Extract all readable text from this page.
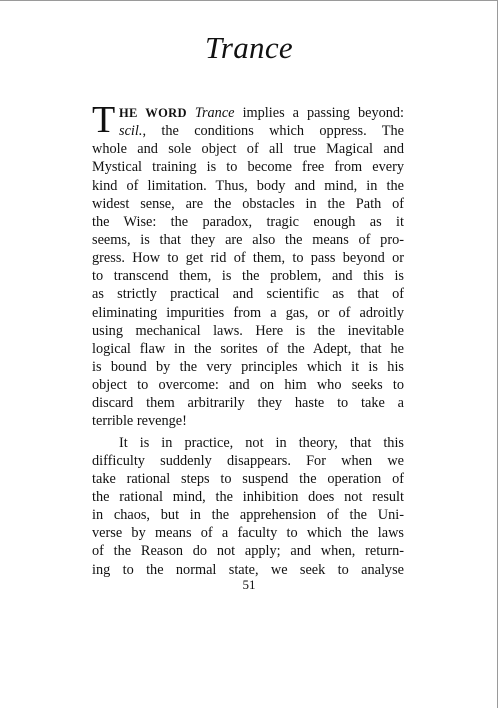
Trance
T HE WORD Trance implies a passing beyond:
scil., the conditions which oppress. The
whole and sole object of all true Magical and
Mystical training is to become free from every
kind of limitation. Thus, body and mind, in the
widest sense, are the obstacles in the Path of
the Wise: the paradox, tragic enough as it
seems, is that they are also the means of pro-
gress. How to get rid of them, to pass beyond or
to transcend them, is the problem, and this is
as strictly practical and scientific as that of
eliminating impurities from a gas, or of adroitly
using mechanical laws. Here is the inevitable
logical flaw in the sorites of the Adept, that he
is bound by the very principles which it is his
object to overcome: and on him who seeks to
discard them arbitrarily they haste to take a
terrible revenge!
It is in practice, not in theory, that this
difficulty suddenly disappears. For when we
take rational steps to suspend the operation of
the rational mind, the inhibition does not result
in chaos, but in the apprehension of the Uni-
verse by means of a faculty to which the laws
of the Reason do not apply; and when, return-
ing to the normal state, we seek to analyse
51
